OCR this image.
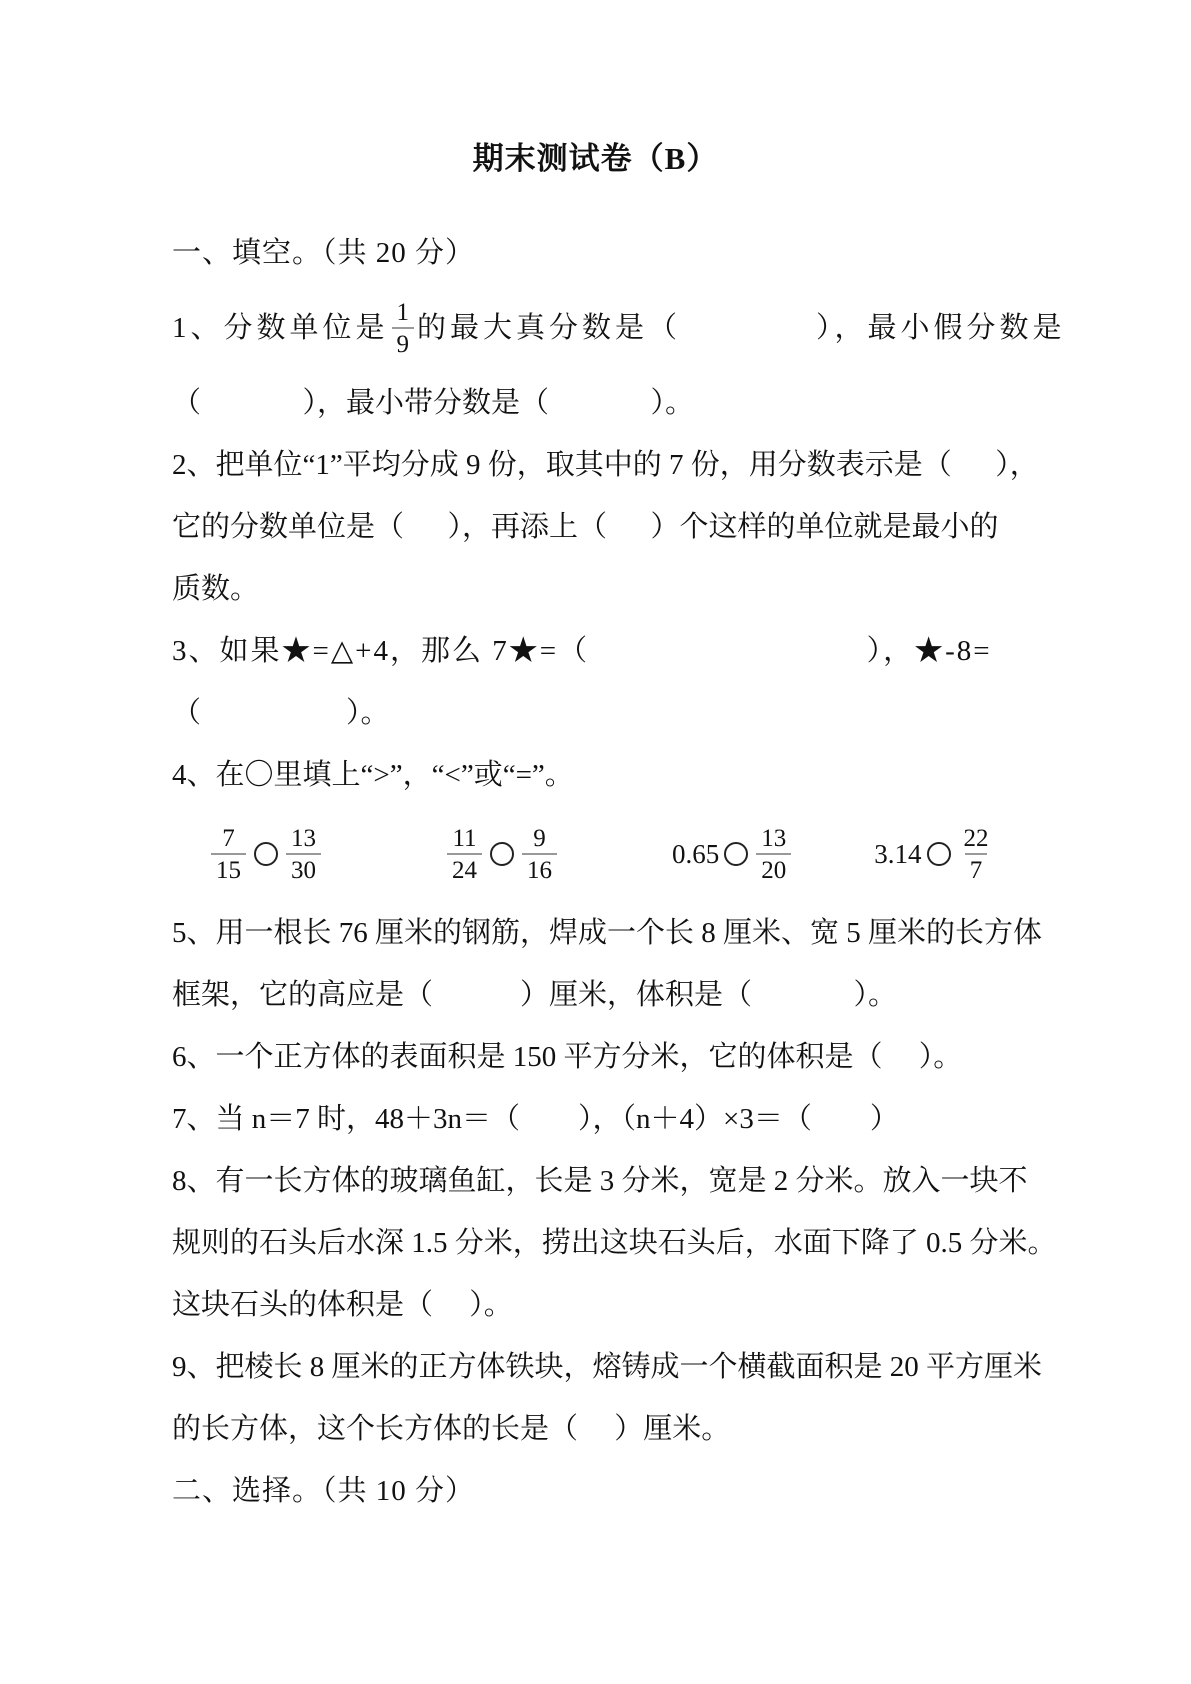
期末测试卷（B）
一、填空。（共 20 分）
1、分数单位是 $\frac{1}{9}$ 的最大真分数是（            ），最小假分数是
（              ），最小带分数是（              ）。
2、把单位“1”平均分成 9 份，取其中的 7 份，用分数表示是（      ），
它的分数单位是（      ），再添上（      ）个这样的单位就是最小的
质数。
3、如果★=△+4，那么 7★=（                              ），★-8=
（                    ）。
4、在〇里填上“>”，“<”或“=”。
$\frac{7}{15} \frac{13}{30}$	$\frac{11}{24} \frac{9}{16}$	$0.65 \frac{13}{20}$	$3.14 \frac{22}{7}$
5、用一根长 76 厘米的钢筋，焊成一个长 8 厘米、宽 5 厘米的长方体
框架，它的高应是（            ）厘米，体积是（              ）。
6、一个正方体的表面积是 150 平方分米，它的体积是（     ）。
7、当 n＝7 时，48＋3n＝（        ），（n＋4）×3＝（        ）
8、有一长方体的玻璃鱼缸，长是 3 分米，宽是 2 分米。放入一块不
规则的石头后水深 1.5 分米，捞出这块石头后，水面下降了 0.5 分米。
这块石头的体积是（     ）。
9、把棱长 8 厘米的正方体铁块，熔铸成一个横截面积是 20 平方厘米
的长方体，这个长方体的长是（     ）厘米。
二、选择。（共 10 分）
